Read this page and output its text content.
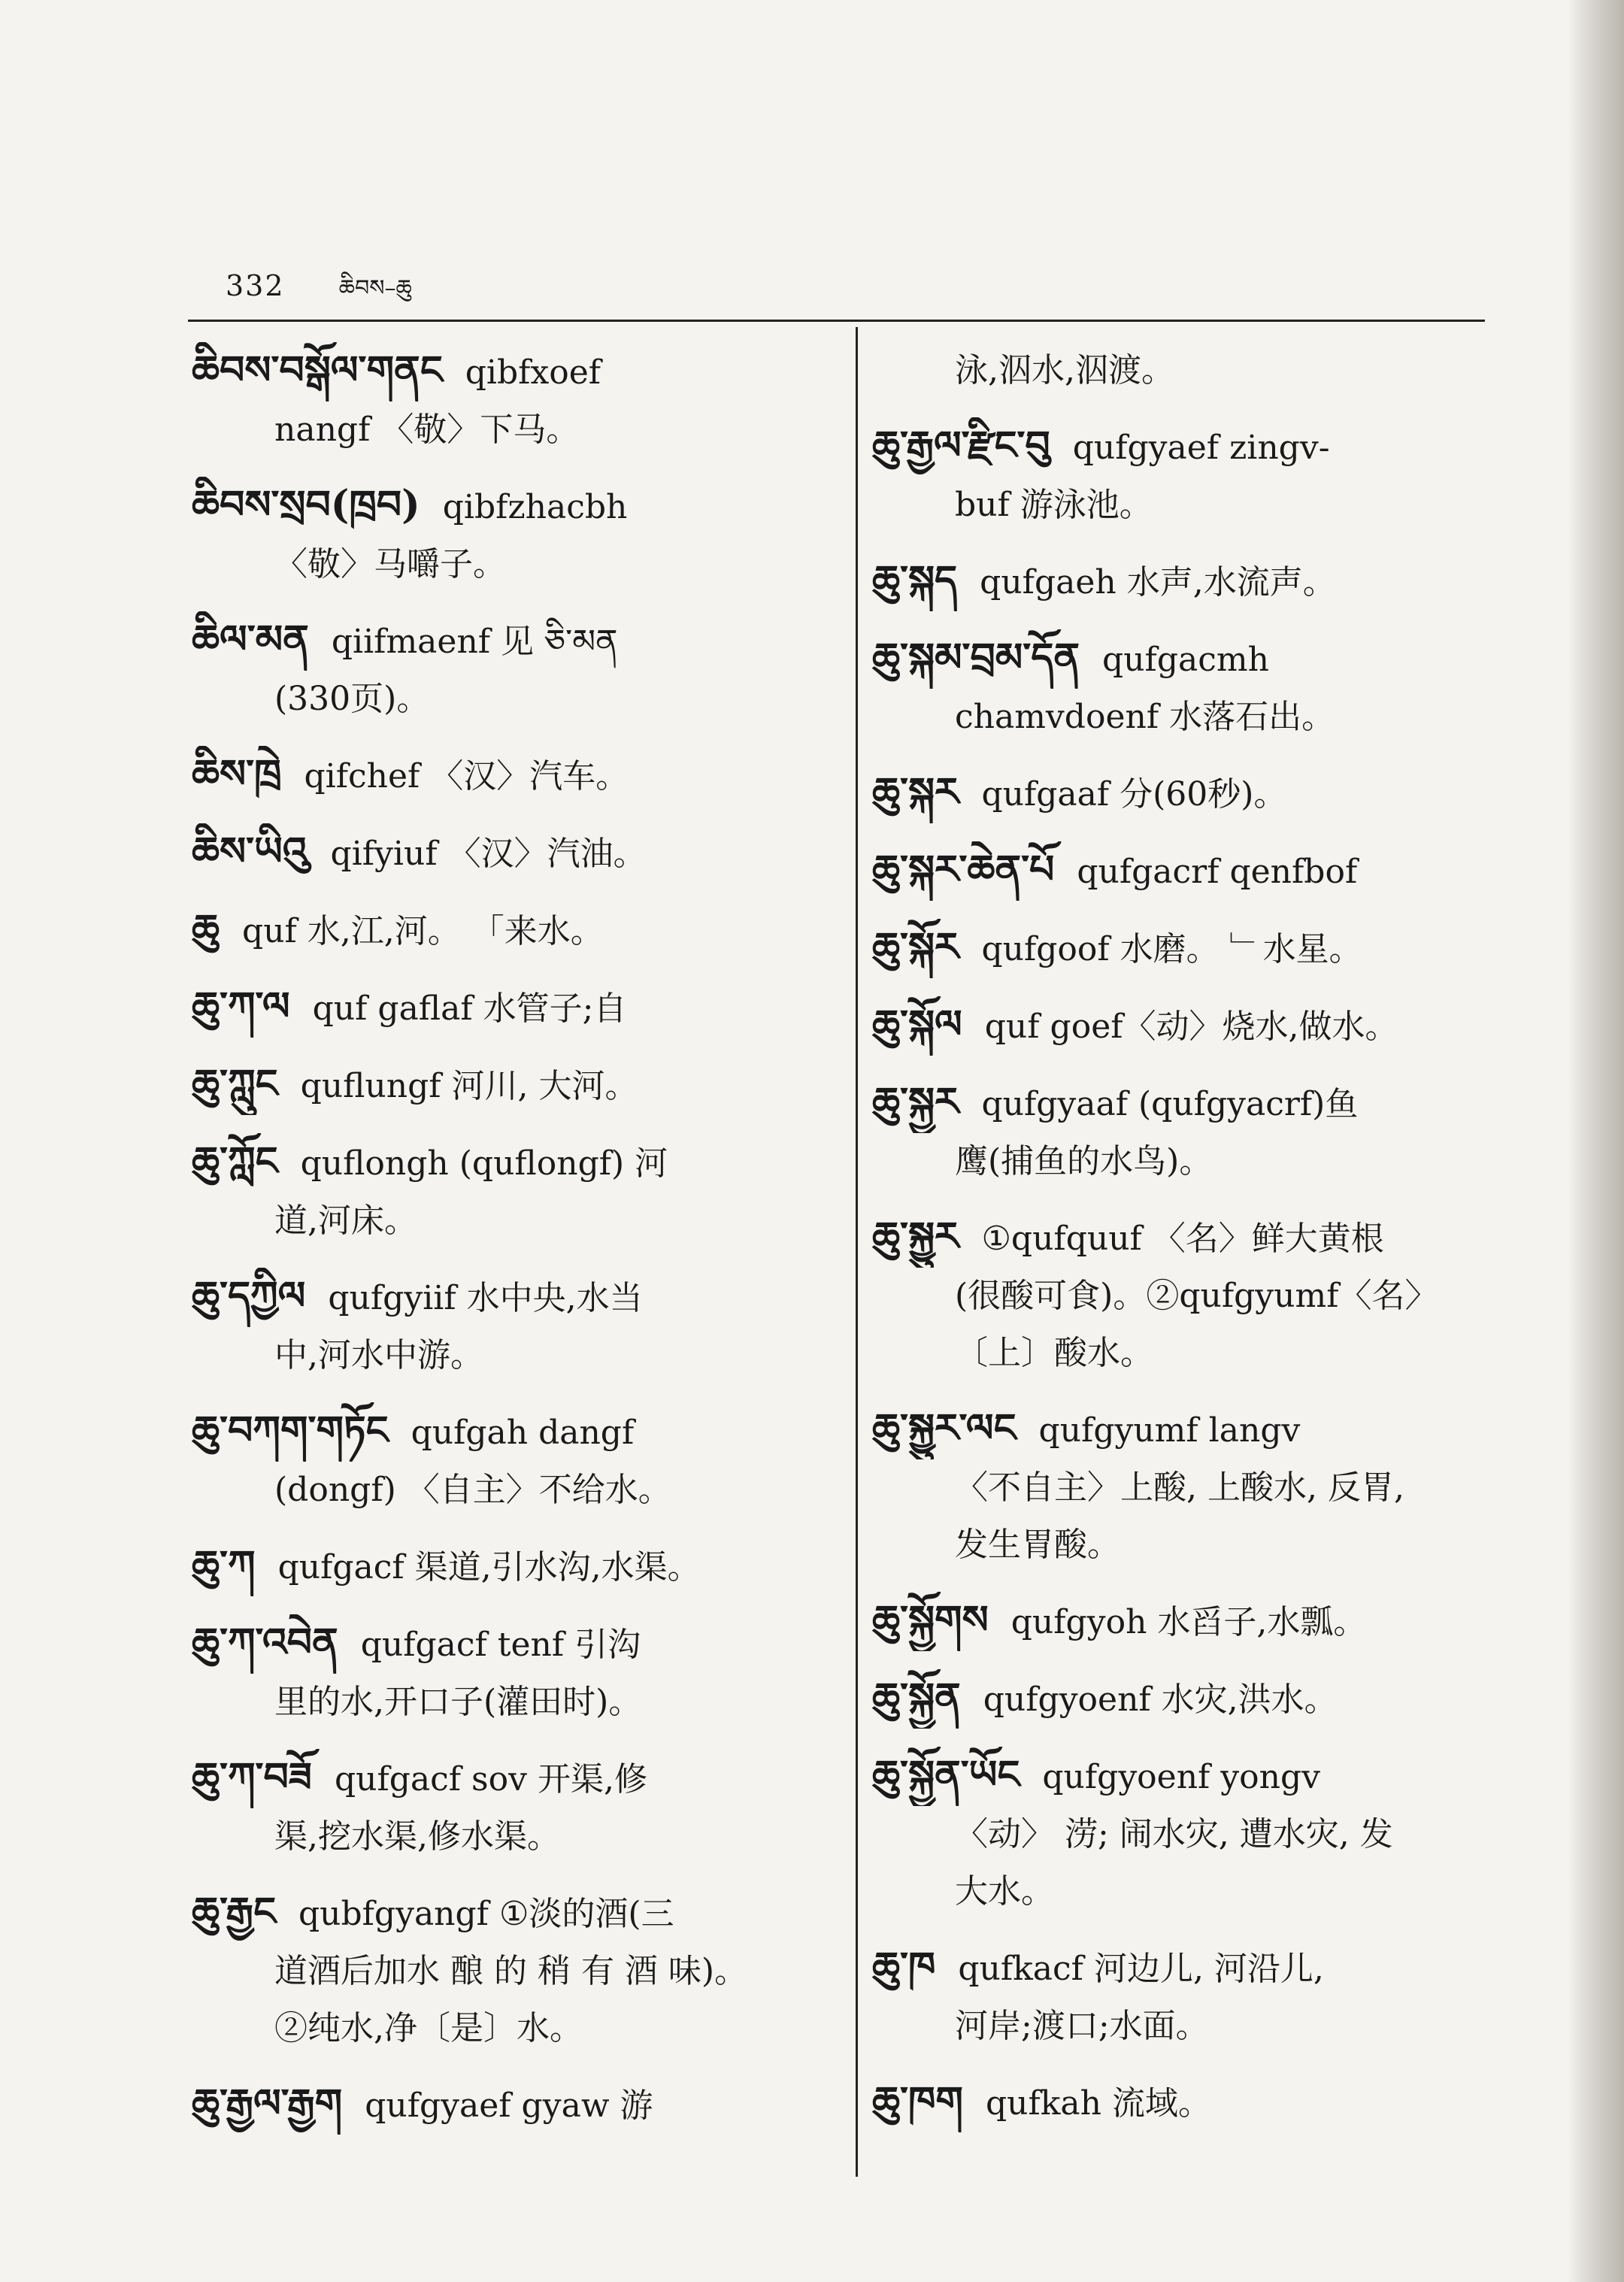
332 ཆིབས–ཆུ
ཆིབས་བསྒོལ་གནང qibfxoef
nangf 〈敬〉下马。
ཆིབས་སྲབ(ཁྲབ) qibfzhacbh
〈敬〉马嚼子。
ཆིལ་མན qiifmaenf 见 ཅི་མན
(330页)。
ཆིས་ཁྲེ qifchef 〈汉〉汽车。
ཆིས་ཡིའུ qifyiuf 〈汉〉汽油。
ཆུ quf 水,江,河。 「来水。
ཆུ་ཀ་ལ quf gaflaf 水管子;自
ཆུ་ཀླུང quflungf 河川, 大河。
ཆུ་ཀློང quflongh (quflongf) 河
道,河床。
ཆུ་དཀྱིལ qufgyiif 水中央,水当
中,河水中游。
ཆུ་བཀག་གཏོང qufgah dangf
(dongf) 〈自主〉不给水。
ཆུ་ཀ qufgacf 渠道,引水沟,水渠。
ཆུ་ཀ་འབེན qufgacf tenf 引沟
里的水,开口子(灌田时)。
ཆུ་ཀ་བཟོ qufgacf sov 开渠,修
渠,挖水渠,修水渠。
ཆུ་རྒྱང qubfgyangf ①淡的酒(三
道酒后加水 酿 的 稍 有 酒 味)。
②纯水,净〔是〕水。
ཆུ་རྒྱལ་རྒྱག qufgyaef gyaw 游
泳,泅水,泅渡。
ཆུ་རྒྱལ་རྫིང་བུ qufgyaef zingv-
buf 游泳池。
ཆུ་སྐད qufgaeh 水声,水流声。
ཆུ་སྐམ་བྲམ་དོན qufgacmh
chamvdoenf 水落石出。
ཆུ་སྐར qufgaaf 分(60秒)。
ཆུ་སྐར་ཆེན་པོ qufgacrf qenfbof
ཆུ་སྐོར qufgoof 水磨。 ﹂水星。
ཆུ་སྐོལ quf goef〈动〉烧水,做水。
ཆུ་སྐྱར qufgyaaf (qufgyacrf)鱼
鹰(捕鱼的水鸟)。
ཆུ་སྐྱུར ①qufquuf 〈名〉鲜大黄根
(很酸可食)。②qufgyumf〈名〉
〔上〕酸水。
ཆུ་སྐྱུར་ལང qufgyumf langv
〈不自主〉上酸, 上酸水, 反胃,
发生胃酸。
ཆུ་སྐྱོགས qufgyoh 水舀子,水瓢。
ཆུ་སྐྱོན qufgyoenf 水灾,洪水。
ཆུ་སྐྱོན་ཡོང qufgyoenf yongv
〈动〉 涝; 闹水灾, 遭水灾, 发
大水。
ཆུ་ཁ qufkacf 河边儿, 河沿儿,
河岸;渡口;水面。
ཆུ་ཁག qufkah 流域。
